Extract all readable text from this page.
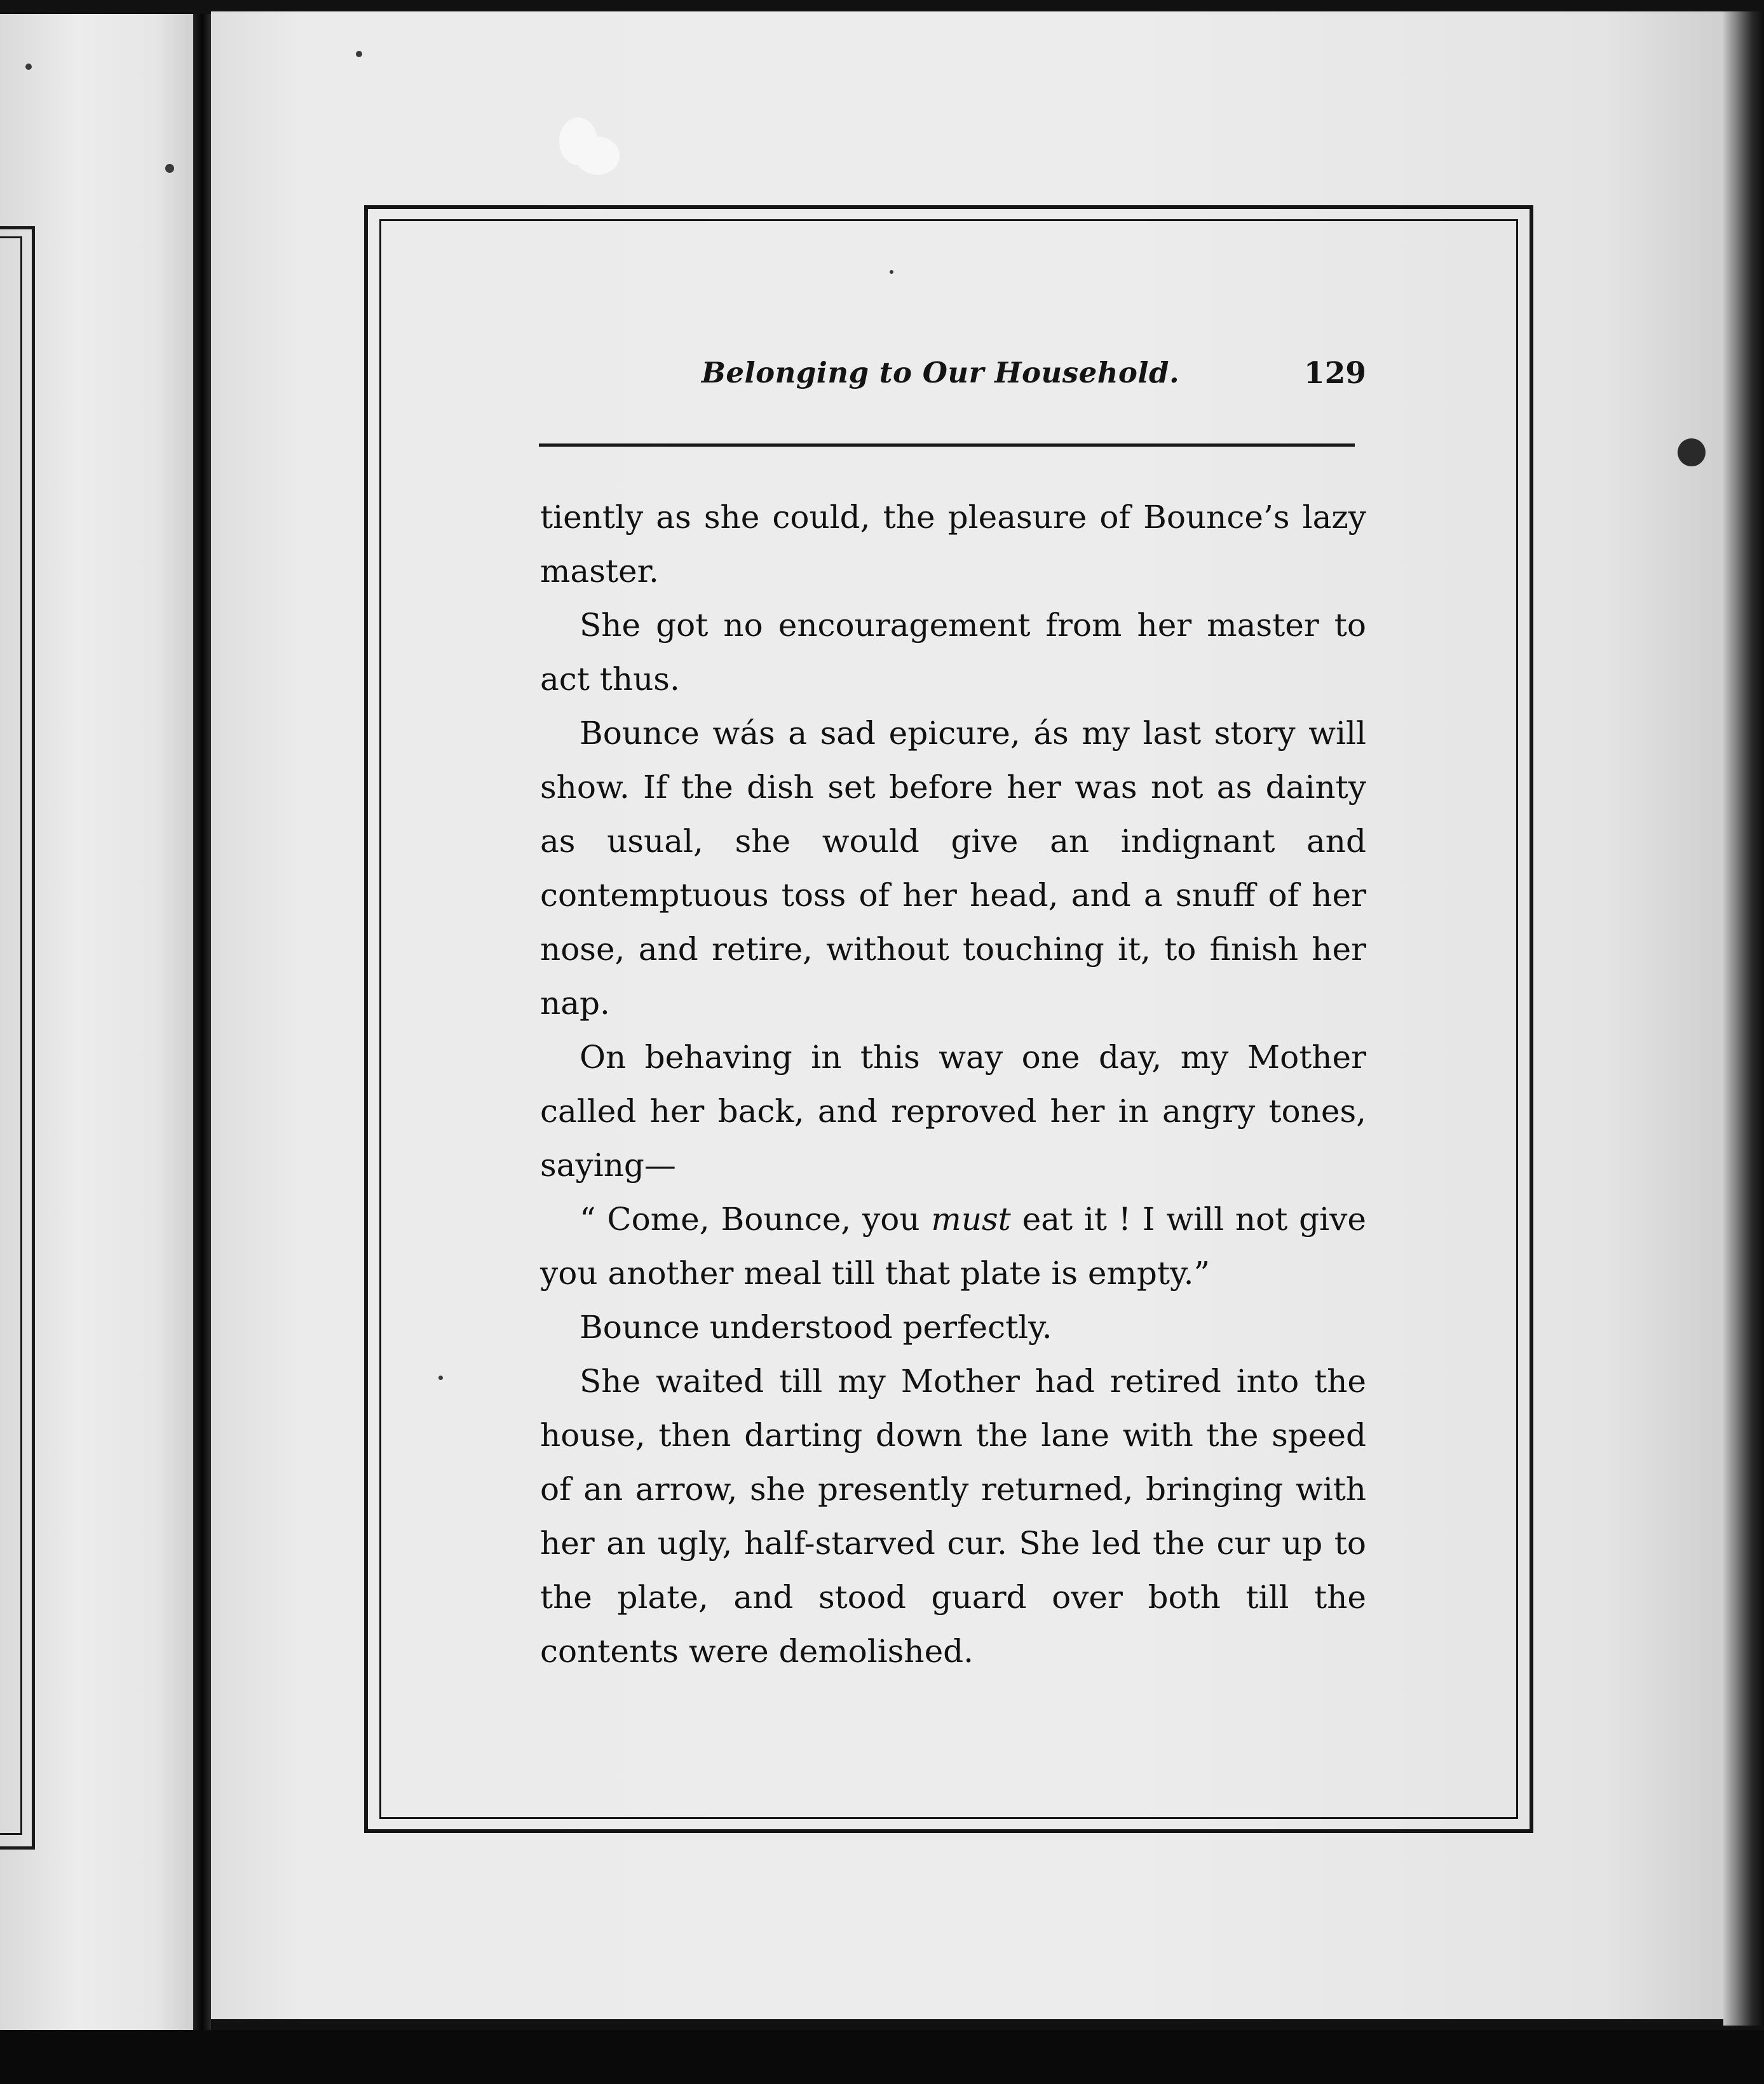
Belonging to Our Household.	129

tiently as she could, the pleasure of Bounce’s lazy master.

She got no encouragement from her master to act thus.

Bounce wás a sad epicure, ás my last story will show. If the dish set before her was not as dainty as usual, she would give an indignant and contemptuous toss of her head, and a snuff of her nose, and retire, without touching it, to finish her nap.

On behaving in this way one day, my Mother called her back, and reproved her in angry tones, saying—

“ Come, Bounce, you must eat it ! I will not give you another meal till that plate is empty.”

Bounce understood perfectly.

She waited till my Mother had retired into the house, then darting down the lane with the speed of an arrow, she presently returned, bringing with her an ugly, half-starved cur. She led the cur up to the plate, and stood guard over both till the contents were demolished.
